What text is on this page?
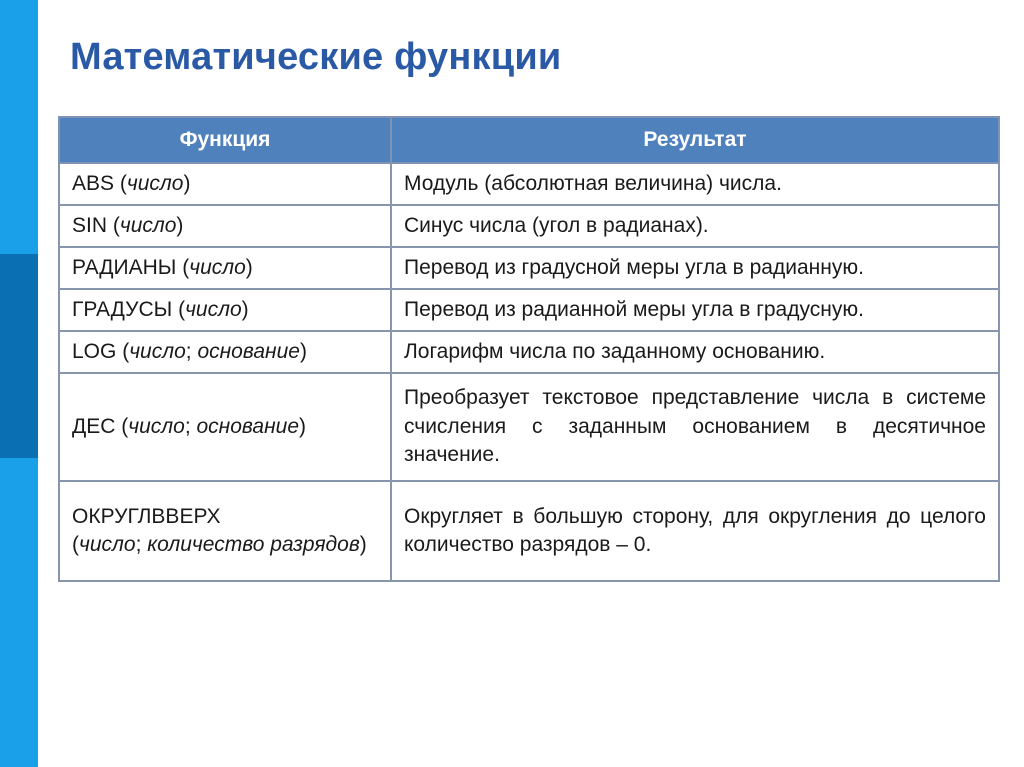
Математические функции
Функция	Результат
ABS (число)	Модуль (абсолютная величина) числа.
SIN (число)	Синус числа (угол в радианах).
РАДИАНЫ (число)	Перевод из градусной меры угла в радианную.
ГРАДУСЫ (число)	Перевод из радианной меры угла в градусную.
LOG (число; основание)	Логарифм числа по заданному основанию.
ДЕС (число; основание)	Преобразует текстовое представление числа в системе счисления с заданным основанием в десятичное значение.
ОКРУГЛВВЕРХ
(число; количество разрядов)	Округляет в большую сторону, для округления до целого количество разрядов – 0.
